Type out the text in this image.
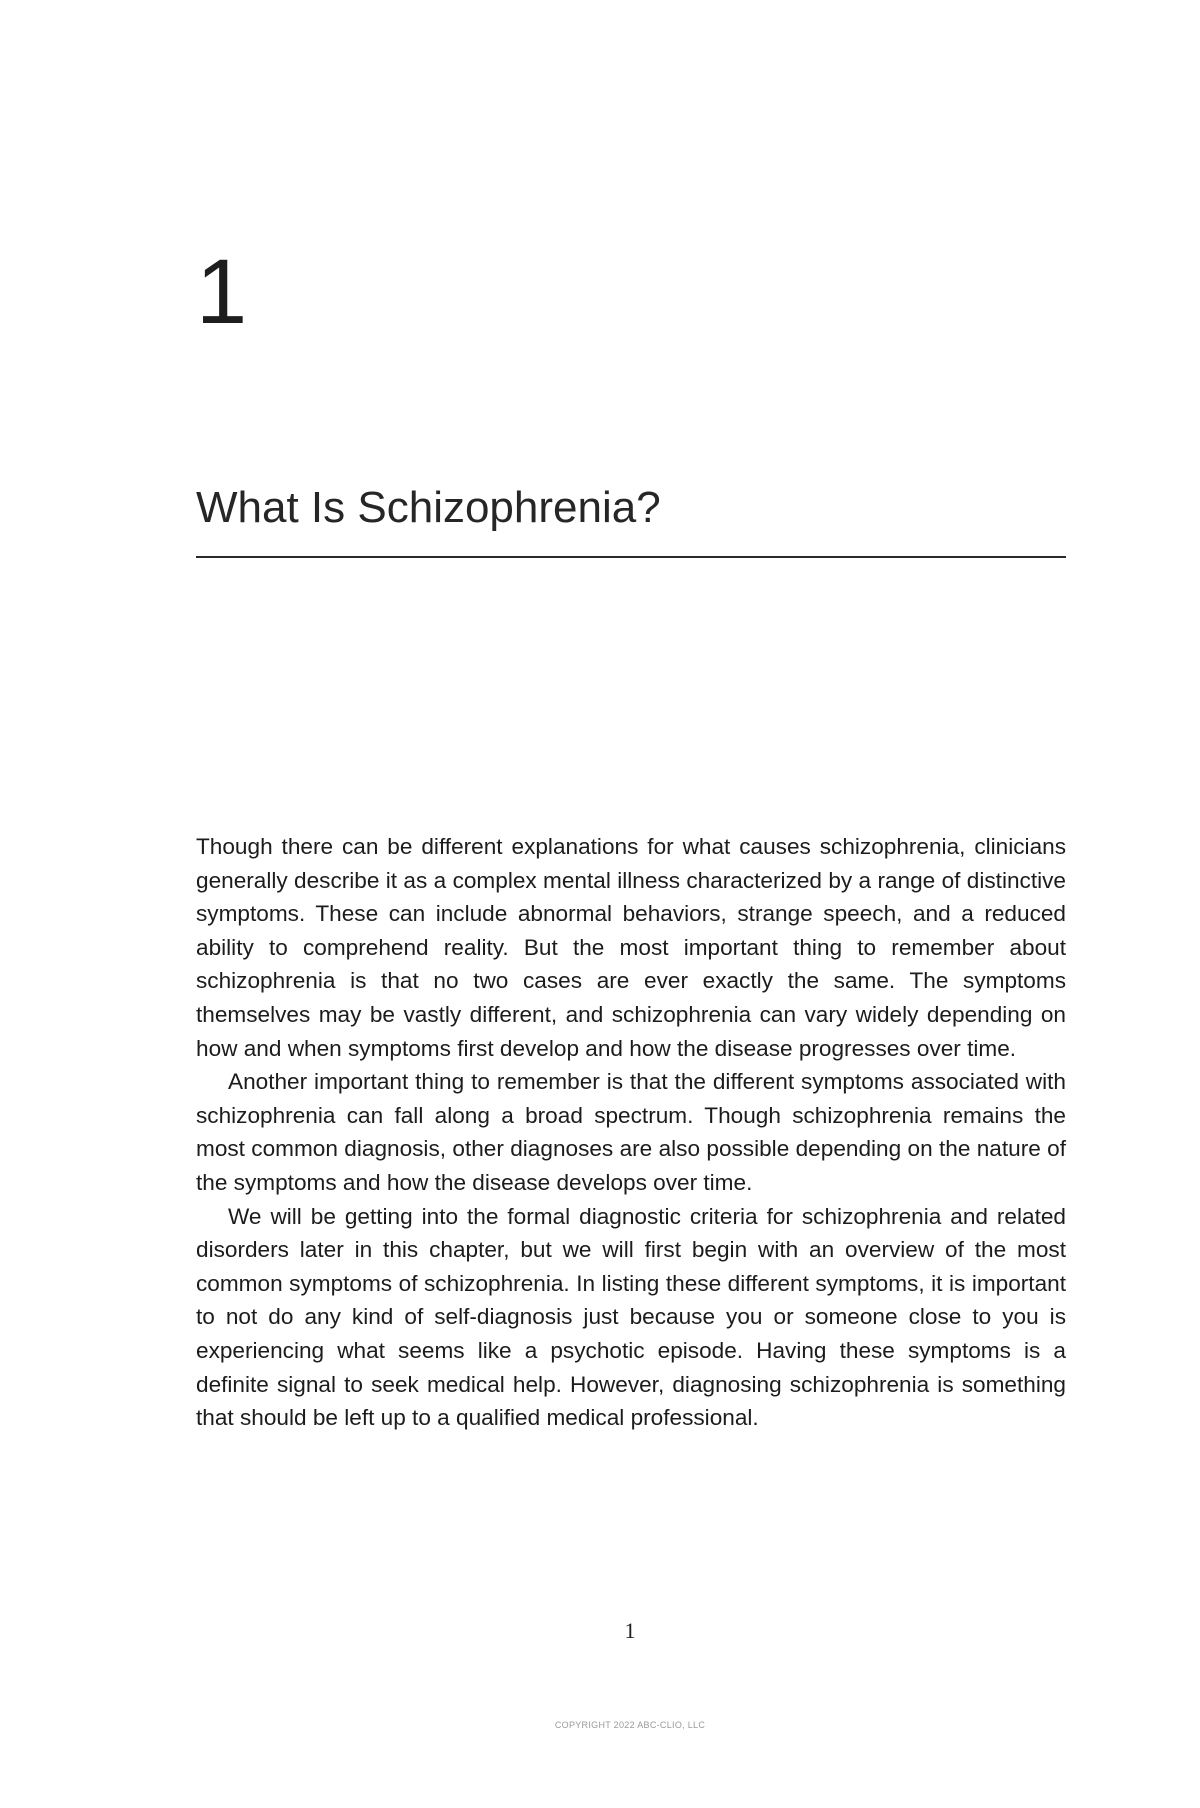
1
What Is Schizophrenia?

Though there can be different explanations for what causes schizophrenia, clinicians generally describe it as a complex mental illness characterized by a range of distinctive symptoms. These can include abnormal behaviors, strange speech, and a reduced ability to comprehend reality. But the most important thing to remember about schizophrenia is that no two cases are ever exactly the same. The symptoms themselves may be vastly different, and schizophrenia can vary widely depending on how and when symptoms first develop and how the disease progresses over time.

Another important thing to remember is that the different symptoms associated with schizophrenia can fall along a broad spectrum. Though schizophrenia remains the most common diagnosis, other diagnoses are also possible depending on the nature of the symptoms and how the disease develops over time.

We will be getting into the formal diagnostic criteria for schizophrenia and related disorders later in this chapter, but we will first begin with an overview of the most common symptoms of schizophrenia. In listing these different symptoms, it is important to not do any kind of self-diagnosis just because you or someone close to you is experiencing what seems like a psychotic episode. Having these symptoms is a definite signal to seek medical help. However, diagnosing schizophrenia is something that should be left up to a qualified medical professional.

1
COPYRIGHT 2022 ABC-CLIO, LLC
